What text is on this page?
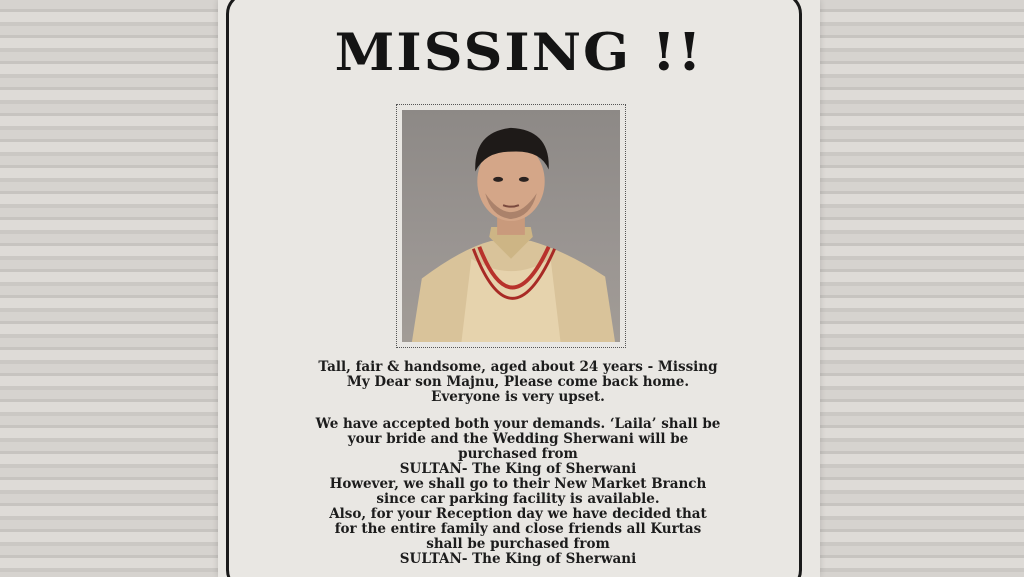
MISSING !!
Tall, fair & handsome, aged about 24 years - Missing
My Dear son Majnu, Please come back home.
Everyone is very upset.
We have accepted both your demands. ‘Laila’ shall be
your bride and the Wedding Sherwani will be
purchased from
SULTAN- The King of Sherwani
However, we shall go to their New Market Branch
since car parking facility is available.
Also, for your Reception day we have decided that
for the entire family and close friends all Kurtas
shall be purchased from
SULTAN- The King of Sherwani
